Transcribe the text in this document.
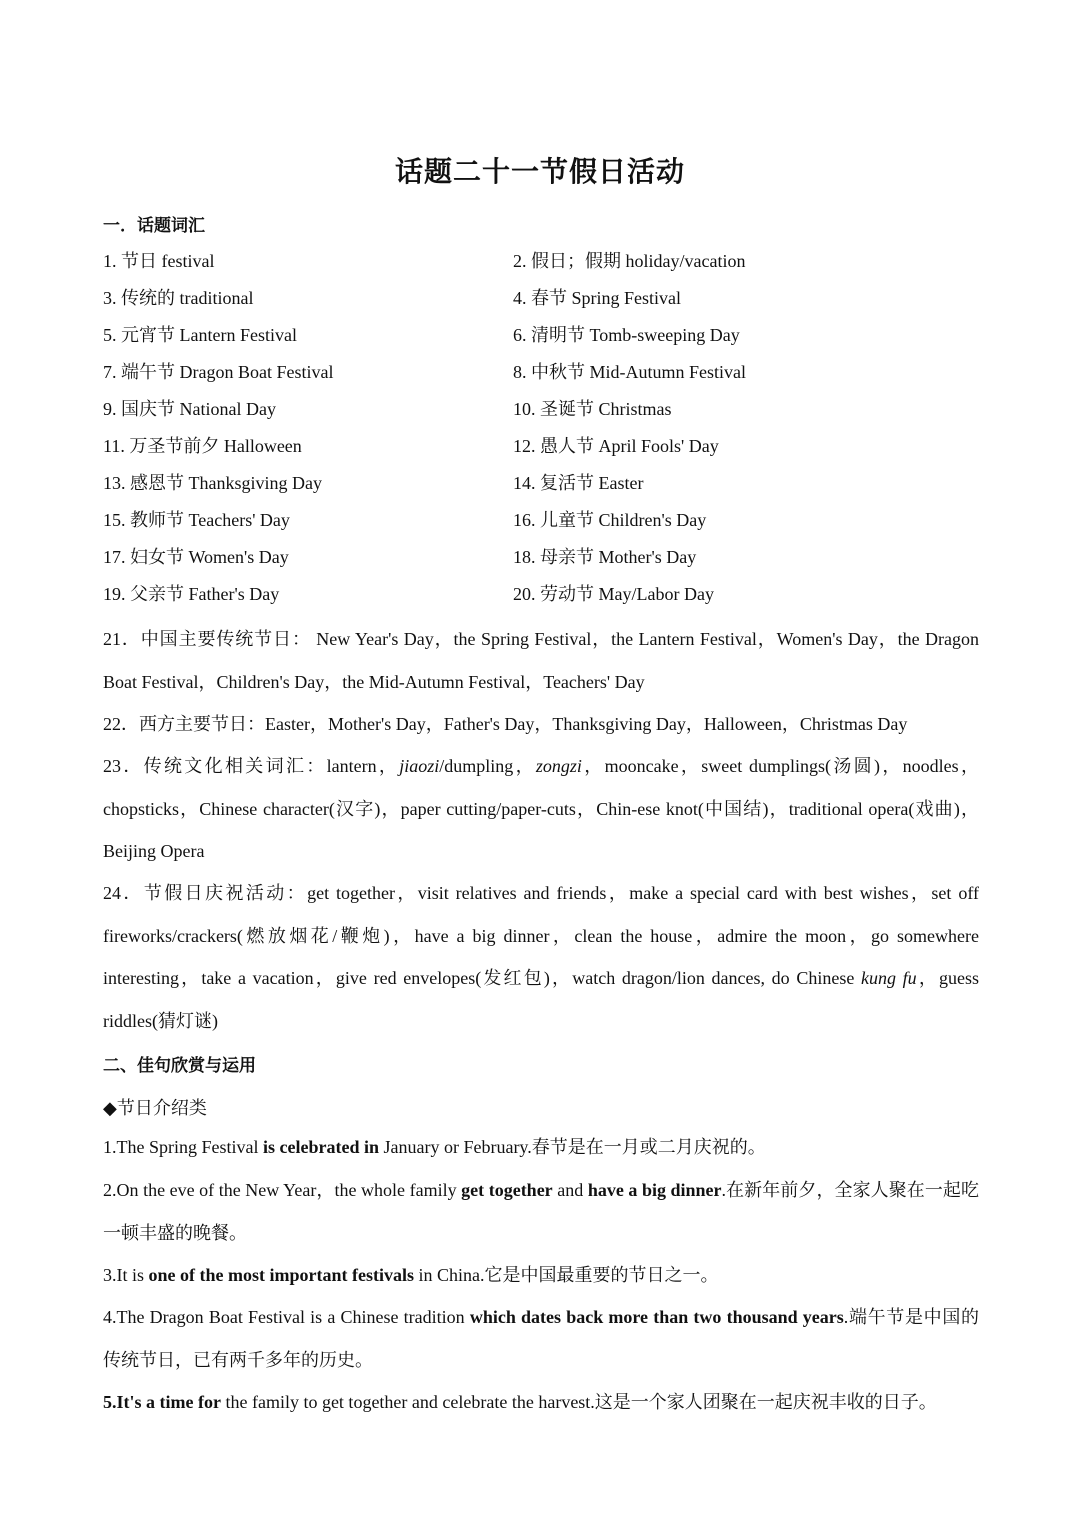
话题二十一节假日活动
一．话题词汇
1. 节日 festival	2. 假日；假期 holiday/vacation
3. 传统的 traditional	4. 春节 Spring Festival
5. 元宵节 Lantern Festival	6. 清明节 Tomb-sweeping Day
7. 端午节 Dragon Boat Festival	8. 中秋节 Mid-Autumn Festival
9. 国庆节 National Day	10. 圣诞节 Christmas
11. 万圣节前夕 Halloween	12. 愚人节 April Fools' Day
13. 感恩节 Thanksgiving Day	14. 复活节 Easter
15. 教师节 Teachers' Day	16. 儿童节 Children's Day
17. 妇女节 Women's Day	18. 母亲节 Mother's Day
19. 父亲节 Father's Day	20. 劳动节 May/Labor Day
21．中国主要传统节日： New Year's Day，the Spring Festival，the Lantern Festival，Women's Day，the Dragon Boat Festival，Children's Day，the Mid-Autumn Festival，Teachers' Day
22．西方主要节日：Easter，Mother's Day，Father's Day，Thanksgiving Day，Halloween，Christmas Day
23．传统文化相关词汇：lantern，jiaozi/dumpling，zongzi，mooncake，sweet dumplings(汤圆)，noodles，chopsticks，Chinese character(汉字)，paper cutting/paper-cuts，Chin-ese knot(中国结)，traditional opera(戏曲)，Beijing Opera
24．节假日庆祝活动：get together，visit relatives and friends，make a special card with best wishes，set off fireworks/crackers(燃放烟花/鞭炮)，have a big dinner，clean the house，admire the moon，go somewhere interesting，take a vacation，give red envelopes(发红包)，watch dragon/lion dances, do Chinese kung fu，guess riddles(猜灯谜)
二、佳句欣赏与运用
◆节日介绍类
1.The Spring Festival is celebrated in January or February.春节是在一月或二月庆祝的。
2.On the eve of the New Year，the whole family get together and have a big dinner.在新年前夕，全家人聚在一起吃一顿丰盛的晚餐。
3.It is one of the most important festivals in China.它是中国最重要的节日之一。
4.The Dragon Boat Festival is a Chinese tradition which dates back more than two thousand years.端午节是中国的传统节日，已有两千多年的历史。
5.It's a time for the family to get together and celebrate the harvest.这是一个家人团聚在一起庆祝丰收的日子。
